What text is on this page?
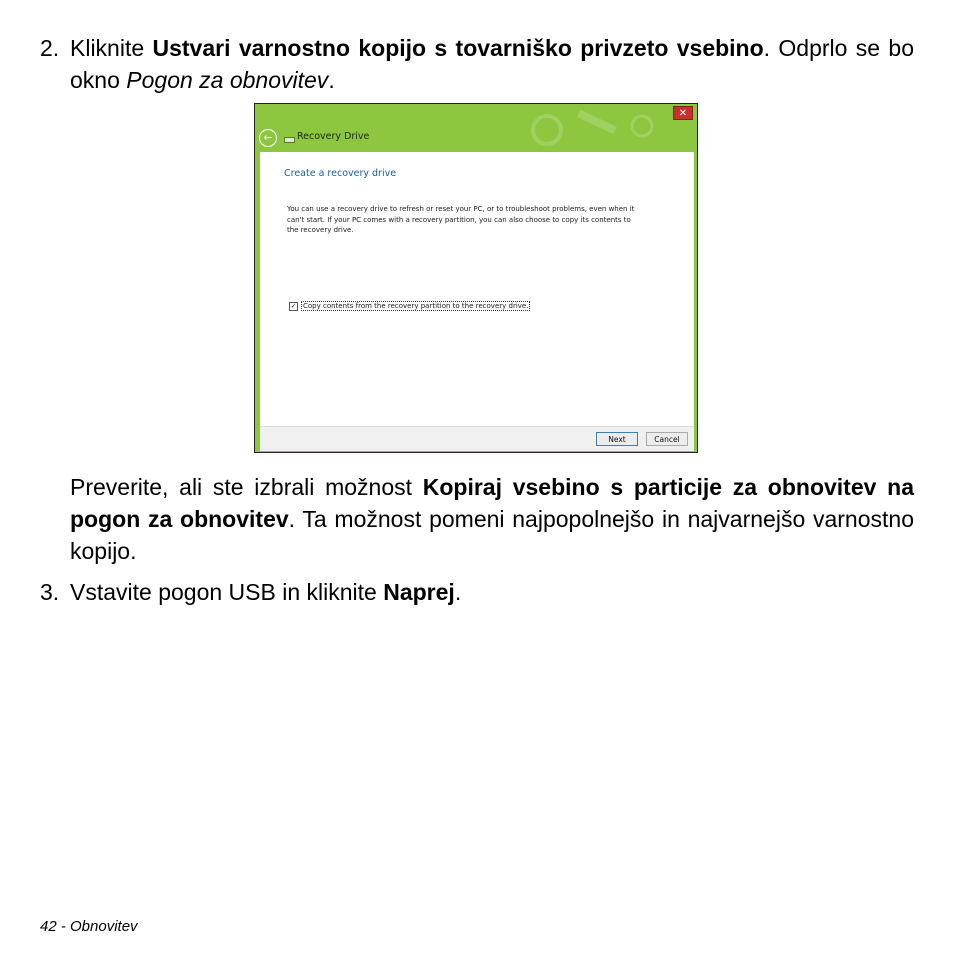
2. Kliknite Ustvari varnostno kopijo s tovarniško privzeto vsebino. Odprlo se bo okno Pogon za obnovitev.
✕
←	Recovery Drive
Create a recovery drive
You can use a recovery drive to refresh or reset your PC, or to troubleshoot problems, even when it can't start. If your PC comes with a recovery partition, you can also choose to copy its contents to the recovery drive.
✓ Copy contents from the recovery partition to the recovery drive.
Next	Cancel
Preverite, ali ste izbrali možnost Kopiraj vsebino s particije za obnovitev na pogon za obnovitev. Ta možnost pomeni najpopolnejšo in najvarnejšo varnostno kopijo.
3. Vstavite pogon USB in kliknite Naprej.
42 - Obnovitev
